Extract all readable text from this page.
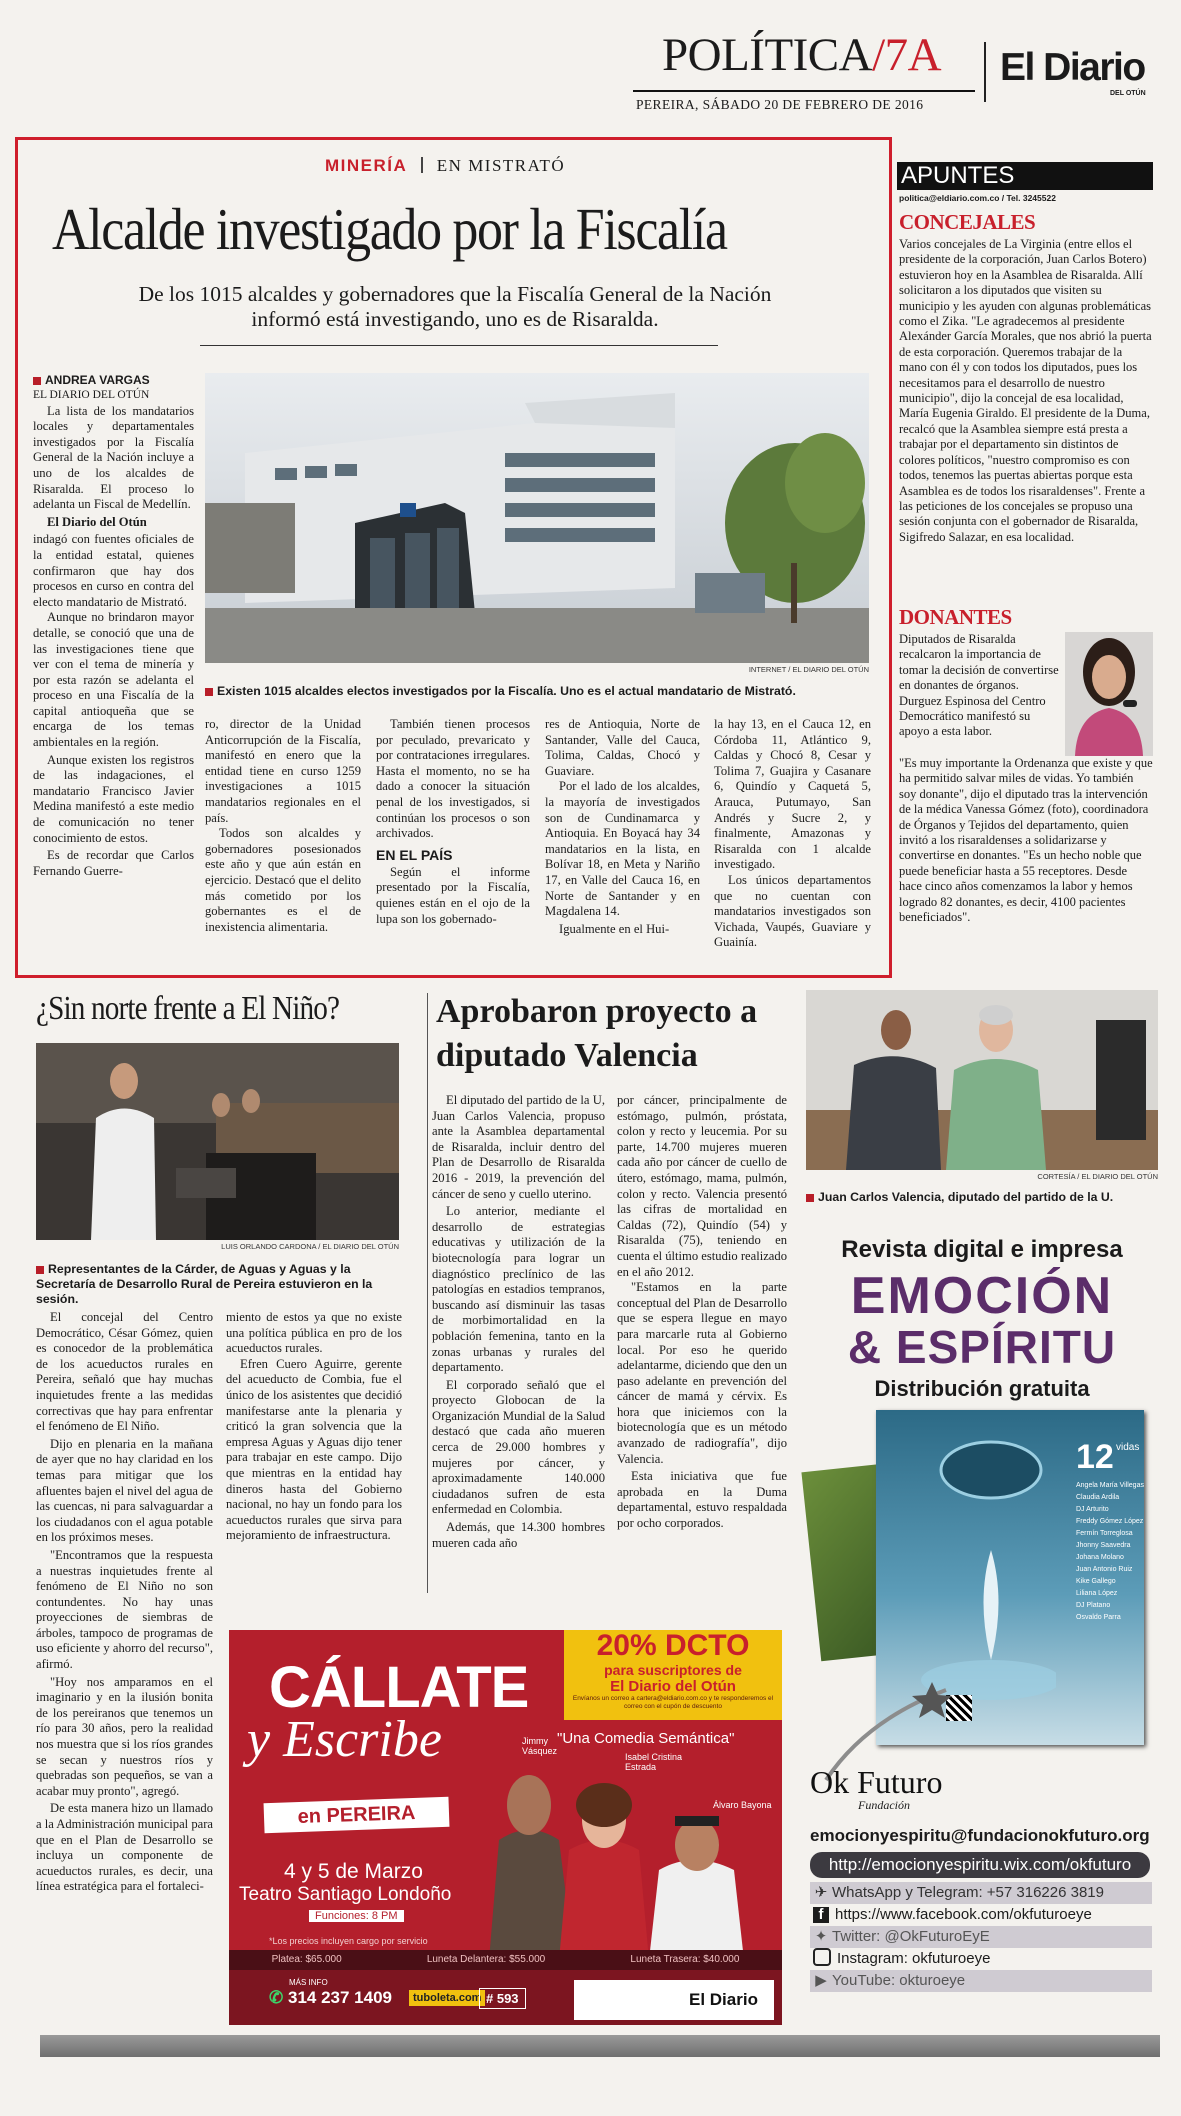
POLÍTICA/7A
PEREIRA, SÁBADO 20 DE FEBRERO DE 2016
El Diario
DEL OTÚN
MINERÍA EN MISTRATÓ
Alcalde investigado por la Fiscalía
De los 1015 alcaldes y gobernadores que la Fiscalía General de la Nación informó está investigando, uno es de Risaralda.
ANDREA VARGAS
EL DIARIO DEL OTÚN

La lista de los mandatarios locales y departamentales investigados por la Fiscalía General de la Nación incluye a uno de los alcaldes de Risaralda. El proceso lo adelanta un Fiscal de Medellín.

El Diario del Otún

indagó con fuentes oficiales de la entidad estatal, quienes confirmaron que hay dos procesos en curso en contra del electo mandatario de Mistrató.

Aunque no brindaron mayor detalle, se conoció que una de las investigaciones tiene que ver con el tema de minería y por esta razón se adelanta el proceso en una Fiscalía de la capital antioqueña que se encarga de los temas ambientales en la región.

Aunque existen los registros de las indagaciones, el mandatario Francisco Javier Medina manifestó a este medio de comunicación no tener conocimiento de estos.

Es de recordar que Carlos Fernando Guerre-

INTERNET / EL DIARIO DEL OTÚN
Existen 1015 alcaldes electos investigados por la Fiscalía. Uno es el actual mandatario de Mistrató.
ro, director de la Unidad Anticorrupción de la Fiscalía, manifestó en enero que la entidad tiene en curso 1259 investigaciones a 1015 mandatarios regionales en el país.

Todos son alcaldes y gobernadores posesionados este año y que aún están en ejercicio. Destacó que el delito más cometido por los gobernantes es el de inexistencia alimentaria.

También tienen procesos por peculado, prevaricato y por contrataciones irregulares. Hasta el momento, no se ha dado a conocer la situación penal de los investigados, si continúan los procesos o son archivados.

EN EL PAÍS

Según el informe presentado por la Fiscalía, quienes están en el ojo de la lupa son los gobernado-

res de Antioquia, Norte de Santander, Valle del Cauca, Tolima, Caldas, Chocó y Guaviare.

Por el lado de los alcaldes, la mayoría de investigados son de Cundinamarca y Antioquia. En Boyacá hay 34 mandatarios en la lista, en Bolívar 18, en Meta y Nariño 17, en Valle del Cauca 16, en Norte de Santander y en Magdalena 14.

Igualmente en el Hui-

la hay 13, en el Cauca 12, en Córdoba 11, Atlántico 9, Caldas y Chocó 8, Cesar y Tolima 7, Guajira y Casanare 6, Quindío y Caquetá 5, Arauca, Putumayo, San Andrés y Sucre 2, y finalmente, Amazonas y Risaralda con 1 alcalde investigado.

Los únicos departamentos que no cuentan con mandatarios investigados son Vichada, Vaupés, Guaviare y Guainía.

APUNTES
politica@eldiario.com.co / Tel. 3245522
CONCEJALES
Varios concejales de La Virginia (entre ellos el presidente de la corporación, Juan Carlos Botero) estuvieron hoy en la Asamblea de Risaralda. Allí solicitaron a los diputados que visiten su municipio y les ayuden con algunas problemáticas como el Zika. "Le agradecemos al presidente Alexánder García Morales, que nos abrió la puerta de esta corporación. Queremos trabajar de la mano con él y con todos los diputados, pues los necesitamos para el desarrollo de nuestro municipio", dijo la concejal de esa localidad, María Eugenia Giraldo. El presidente de la Duma, recalcó que la Asamblea siempre está presta a trabajar por el departamento sin distintos de colores políticos, "nuestro compromiso es con todos, tenemos las puertas abiertas porque esta Asamblea es de todos los risaraldenses". Frente a las peticiones de los concejales se propuso una sesión conjunta con el gobernador de Risaralda, Sigifredo Salazar, en esa localidad.
DONANTES
Diputados de Risaralda recalcaron la importancia de tomar la decisión de convertirse en donantes de órganos. Durguez Espinosa del Centro Democrático manifestó su apoyo a esta labor.
"Es muy importante la Ordenanza que existe y que ha permitido salvar miles de vidas. Yo también soy donante", dijo el diputado tras la intervención de la médica Vanessa Gómez (foto), coordinadora de Órganos y Tejidos del departamento, quien invitó a los risaraldenses a solidarizarse y convertirse en donantes. "Es un hecho noble que puede beneficiar hasta a 55 receptores. Desde hace cinco años comenzamos la labor y hemos logrado 82 donantes, es decir, 4100 pacientes beneficiados".
¿Sin norte frente a El Niño?
LUIS ORLANDO CARDONA / EL DIARIO DEL OTÚN
Representantes de la Cárder, de Aguas y Aguas y la Secretaría de Desarrollo Rural de Pereira estuvieron en la sesión.

El concejal del Centro Democrático, César Gómez, quien es conocedor de la problemática de los acueductos rurales en Pereira, señaló que hay muchas inquietudes frente a las medidas correctivas que hay para enfrentar el fenómeno de El Niño.

Dijo en plenaria en la mañana de ayer que no hay claridad en los temas para mitigar que los afluentes bajen el nivel del agua de las cuencas, ni para salvaguardar a los ciudadanos con el agua potable en los próximos meses.

"Encontramos que la respuesta a nuestras inquietudes frente al fenómeno de El Niño no son contundentes. No hay unas proyecciones de siembras de árboles, tampoco de programas de uso eficiente y ahorro del recurso", afirmó.

"Hoy nos amparamos en el imaginario y en la ilusión bonita de los pereiranos que tenemos un río para 30 años, pero la realidad nos muestra que si los ríos grandes se secan y nuestros ríos y quebradas son pequeños, se van a acabar muy pronto", agregó.

De esta manera hizo un llamado a la Administración municipal para que en el Plan de Desarrollo se incluya un componente de acueductos rurales, es decir, una línea estratégica para el fortaleci-

miento de estos ya que no existe una política pública en pro de los acueductos rurales.

Efren Cuero Aguirre, gerente del acueducto de Combia, fue el único de los asistentes que decidió manifestarse ante la plenaria y criticó la gran solvencia que la empresa Aguas y Aguas dijo tener para trabajar en este campo. Dijo que mientras en la entidad hay dineros hasta del Gobierno nacional, no hay un fondo para los acueductos rurales que sirva para mejoramiento de infraestructura.

Aprobaron proyecto a diputado Valencia

El diputado del partido de la U, Juan Carlos Valencia, propuso ante la Asamblea departamental de Risaralda, incluir dentro del Plan de Desarrollo de Risaralda 2016 - 2019, la prevención del cáncer de seno y cuello uterino.

Lo anterior, mediante el desarrollo de estrategias educativas y utilización de la biotecnología para lograr un diagnóstico preclínico de las patologías en estadios tempranos, buscando así disminuir las tasas de morbimortalidad en la población femenina, tanto en la zonas urbanas y rurales del departamento.

El corporado señaló que el proyecto Globocan de la Organización Mundial de la Salud destacó que cada año mueren cerca de 29.000 hombres y mujeres por cáncer, y aproximadamente 140.000 ciudadanos sufren de esta enfermedad en Colombia.

Además, que 14.300 hombres mueren cada año

por cáncer, principalmente de estómago, pulmón, próstata, colon y recto y leucemia. Por su parte, 14.700 mujeres mueren cada año por cáncer de cuello de útero, estómago, mama, pulmón, colon y recto. Valencia presentó las cifras de mortalidad en Caldas (72), Quindío (54) y Risaralda (75), teniendo en cuenta el último estudio realizado en el año 2012.

"Estamos en la parte conceptual del Plan de Desarrollo que se espera llegue en mayo para marcarle ruta al Gobierno local. Por eso he querido adelantarme, diciendo que den un paso adelante en prevención del cáncer de mamá y cérvix. Es hora que iniciemos con la biotecnología que es un método avanzado de radiografía", dijo Valencia.

Esta iniciativa que fue aprobada en la Duma departamental, estuvo respaldada por ocho corporados.

CORTESÍA / EL DIARIO DEL OTÚN
Juan Carlos Valencia, diputado del partido de la U.
CÁLLATE
y Escribe
20% DCTO
para suscriptores de
El Diario del Otún
Envíanos un correo a cartera@eldiario.com.co y te responderemos el correo con el cupón de descuento
"Una Comedia Semántica"
en PEREIRA
4 y 5 de Marzo
Teatro Santiago Londoño
Funciones: 8 PM
*Los precios incluyen cargo por servicio
Jimmy Vásquez
Isabel Cristina Estrada
Álvaro Bayona
Platea: $65.000	Luneta Delantera: $55.000	Luneta Trasera: $40.000
MÁS INFO
✆ 314 237 1409	tuboleta.com # 593	El Diario
Revista digital e impresa
EMOCIÓN
& ESPÍRITU
Distribución gratuita
12 vidas
Angela María Villegas
Claudia Ardila
DJ Arturito
Freddy Gómez López
Fermín Torreglosa
Jhonny Saavedra
Johana Molano
Juan Antonio Ruiz
Kike Gallego
Liliana López
DJ Platano
Osvaldo Parra
Ok Futuro
Fundación
emocionyespiritu@fundacionokfuturo.org
http://emocionyespiritu.wix.com/okfuturo
✈ WhatsApp y Telegram: +57 316226 3819
f https://www.facebook.com/okfuturoeye
✦ Twitter: @OkFuturoEyE
Instagram: okfuturoeye
▶ YouTube: okturoeye
